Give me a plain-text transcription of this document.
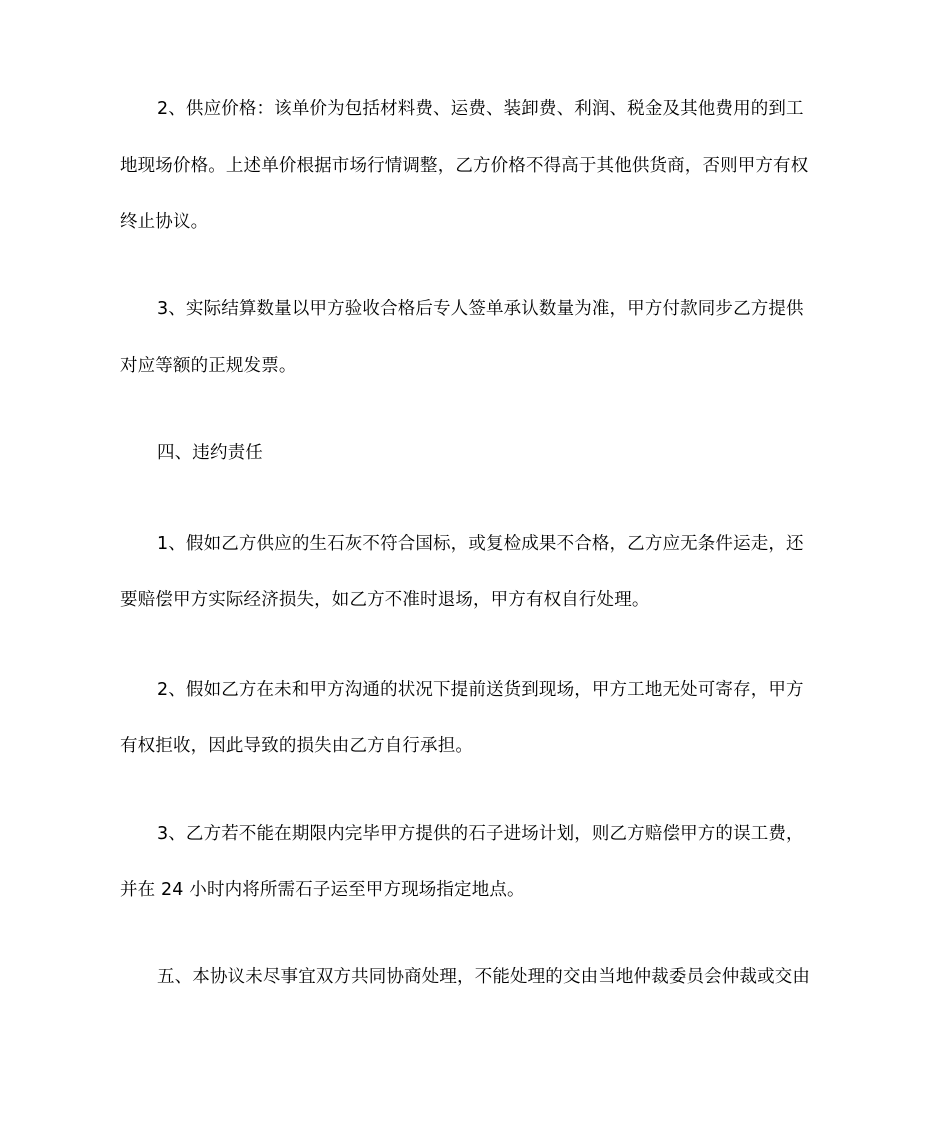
2、供应价格：该单价为包括材料费、运费、装卸费、利润、税金及其他费用的到工
地现场价格。上述单价根据市场行情调整，乙方价格不得高于其他供货商，否则甲方有权
终止协议。
3、实际结算数量以甲方验收合格后专人签单承认数量为准，甲方付款同步乙方提供
对应等额的正规发票。
四、违约责任
1、假如乙方供应的生石灰不符合国标，或复检成果不合格，乙方应无条件运走，还
要赔偿甲方实际经济损失，如乙方不准时退场，甲方有权自行处理。
2、假如乙方在未和甲方沟通的状况下提前送货到现场，甲方工地无处可寄存，甲方
有权拒收，因此导致的损失由乙方自行承担。
3、乙方若不能在期限内完毕甲方提供的石子进场计划，则乙方赔偿甲方的误工费，
并在 24 小时内将所需石子运至甲方现场指定地点。
五、本协议未尽事宜双方共同协商处理，不能处理的交由当地仲裁委员会仲裁或交由
